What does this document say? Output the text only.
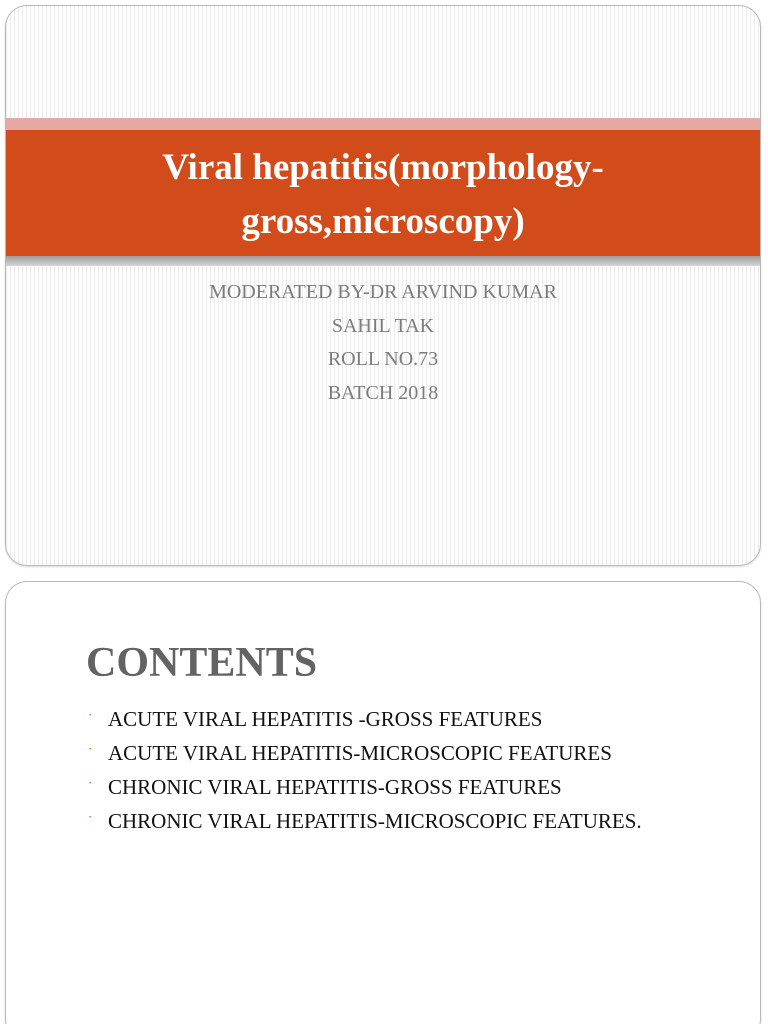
Viral hepatitis(morphology-gross,microscopy)
MODERATED BY-DR ARVIND KUMAR
SAHIL TAK
ROLL NO.73
BATCH 2018
CONTENTS
· ACUTE VIRAL HEPATITIS -GROSS FEATURES
· ACUTE VIRAL HEPATITIS-MICROSCOPIC FEATURES
· CHRONIC VIRAL HEPATITIS-GROSS FEATURES
· CHRONIC VIRAL HEPATITIS-MICROSCOPIC FEATURES.
